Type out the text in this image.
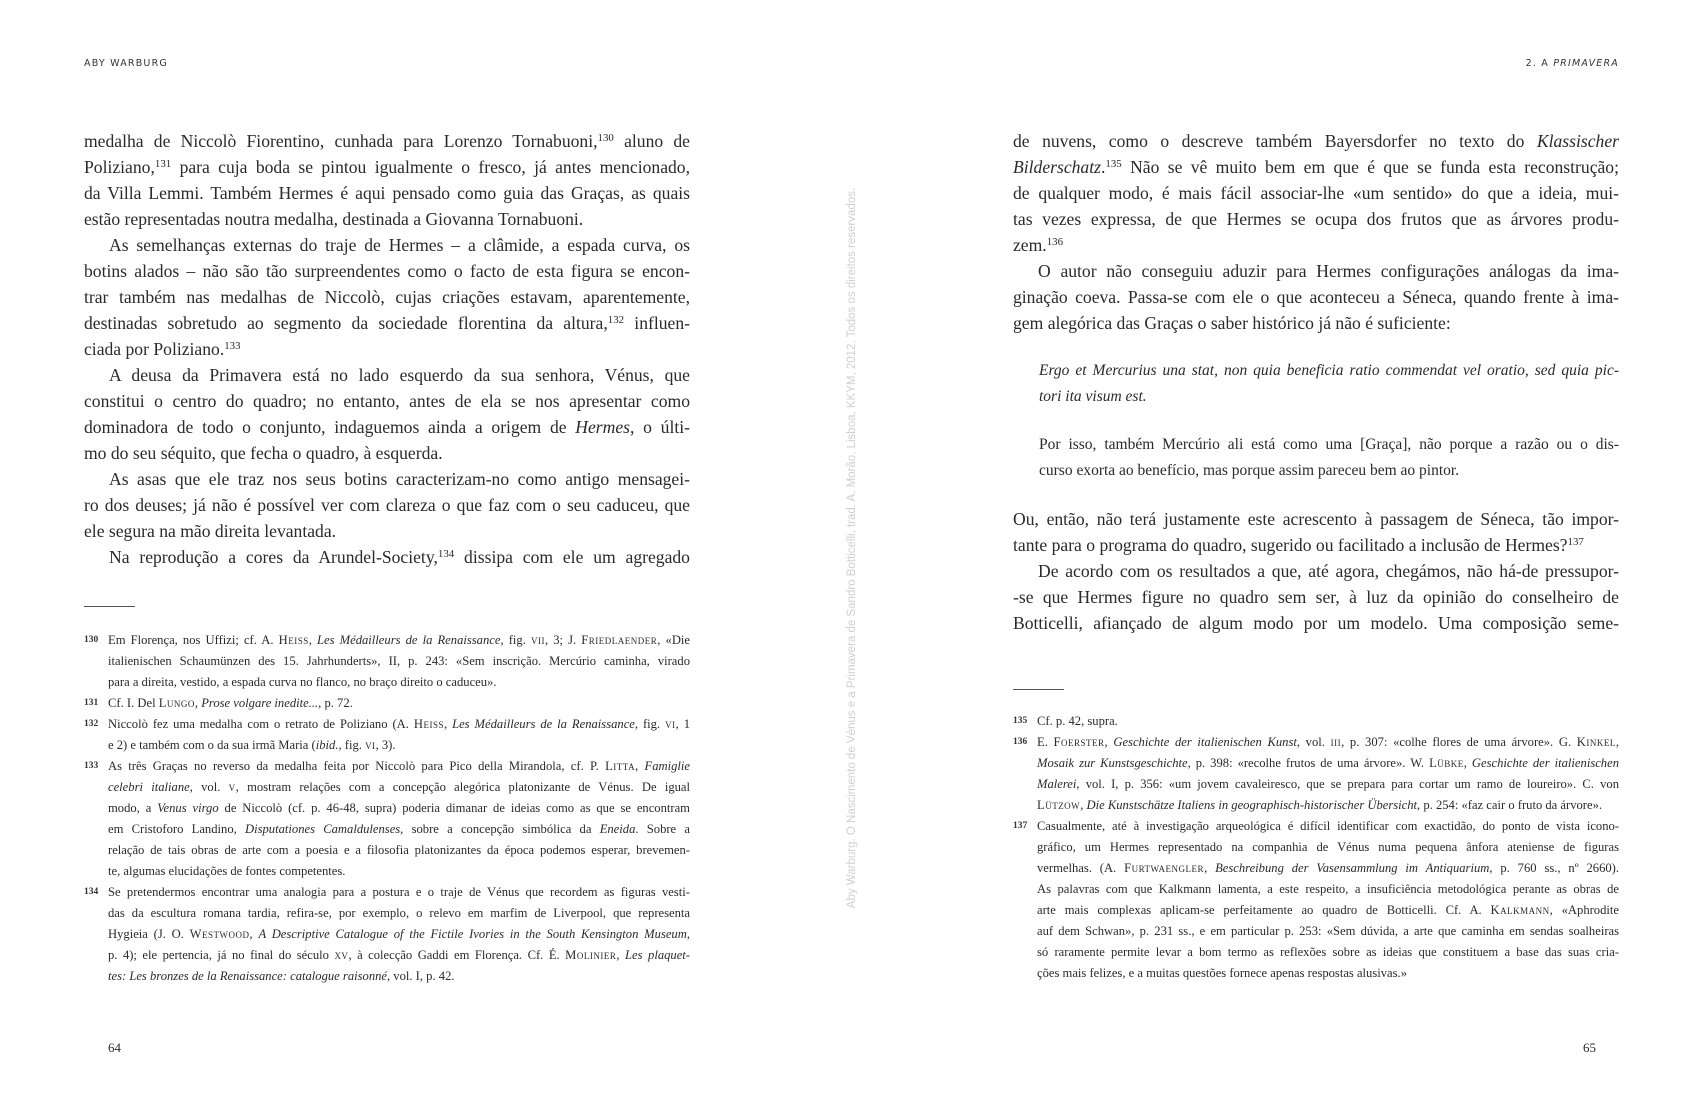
ABY WARBURG	2. A PRIMAVERA
medalha de Niccolò Fiorentino, cunhada para Lorenzo Tornabuoni,$^{130}$ aluno de
Poliziano,$^{131}$ para cuja boda se pintou igualmente o fresco, já antes mencionado,
da Villa Lemmi. Também Hermes é aqui pensado como guia das Graças, as quais
estão representadas noutra medalha, destinada a Giovanna Tornabuoni.
As semelhanças externas do traje de Hermes – a clâmide, a espada curva, os
botins alados – não são tão surpreendentes como o facto de esta figura se encon-
trar também nas medalhas de Niccolò, cujas criações estavam, aparentemente,
destinadas sobretudo ao segmento da sociedade florentina da altura,$^{132}$ influen-
ciada por Poliziano.$^{133}$
A deusa da Primavera está no lado esquerdo da sua senhora, Vénus, que
constitui o centro do quadro; no entanto, antes de ela se nos apresentar como
dominadora de todo o conjunto, indaguemos ainda a origem de Hermes, o últi-
mo do seu séquito, que fecha o quadro, à esquerda.
As asas que ele traz nos seus botins caracterizam-no como antigo mensagei-
ro dos deuses; já não é possível ver com clareza o que faz com o seu caduceu, que
ele segura na mão direita levantada.
Na reprodução a cores da Arundel-Society,$^{134}$ dissipa com ele um agregado
130 Em Florença, nos Uffizi; cf. A. Heiss, Les Médailleurs de la Renaissance, fig. vii, 3; J. Friedlaender, «Die
italienischen Schaumünzen des 15. Jahrhunderts», II, p. 243: «Sem inscrição. Mercúrio caminha, virado
para a direita, vestido, a espada curva no flanco, no braço direito o caduceu».
131 Cf. I. Del Lungo, Prose volgare inedite..., p. 72.
132 Niccolò fez uma medalha com o retrato de Poliziano (A. Heiss, Les Médailleurs de la Renaissance, fig. vi, 1
e 2) e também com o da sua irmã Maria (ibid., fig. vi, 3).
133 As três Graças no reverso da medalha feita por Niccolò para Pico della Mirandola, cf. P. Litta, Famiglie
celebri italiane, vol. v, mostram relações com a concepção alegórica platonizante de Vénus. De igual
modo, a Venus virgo de Niccolò (cf. p. 46-48, supra) poderia dimanar de ideias como as que se encontram
em Cristoforo Landino, Disputationes Camaldulenses, sobre a concepção simbólica da Eneida. Sobre a
relação de tais obras de arte com a poesia e a filosofia platonizantes da época podemos esperar, brevemen-
te, algumas elucidações de fontes competentes.
134 Se pretendermos encontrar uma analogia para a postura e o traje de Vénus que recordem as figuras vesti-
das da escultura romana tardia, refira-se, por exemplo, o relevo em marfim de Liverpool, que representa
Hygieia (J. O. Westwood, A Descriptive Catalogue of the Fictile Ivories in the South Kensington Museum,
p. 4); ele pertencia, já no final do século xv, à colecção Gaddi em Florença. Cf. É. Molinier, Les plaquet-
tes: Les bronzes de la Renaissance: catalogue raisonné, vol. I, p. 42.
64
Aby Warburg. O Nascimento de Vénus e a Primavera de Sandro Botticelli, trad. A. Morão, Lisboa, KKYM, 2012. Todos os direitos reservados.
de nuvens, como o descreve também Bayersdorfer no texto do Klassischer
Bilderschatz.$^{135}$ Não se vê muito bem em que é que se funda esta reconstrução;
de qualquer modo, é mais fácil associar-lhe «um sentido» do que a ideia, mui-
tas vezes expressa, de que Hermes se ocupa dos frutos que as árvores produ-
zem.$^{136}$
O autor não conseguiu aduzir para Hermes configurações análogas da ima-
ginação coeva. Passa-se com ele o que aconteceu a Séneca, quando frente à ima-
gem alegórica das Graças o saber histórico já não é suficiente:
Ergo et Mercurius una stat, non quia beneficia ratio commendat vel oratio, sed quia pic-
tori ita visum est.
Por isso, também Mercúrio ali está como uma [Graça], não porque a razão ou o dis-
curso exorta ao benefício, mas porque assim pareceu bem ao pintor.
Ou, então, não terá justamente este acrescento à passagem de Séneca, tão impor-
tante para o programa do quadro, sugerido ou facilitado a inclusão de Hermes?$^{137}$
De acordo com os resultados a que, até agora, chegámos, não há-de pressupor-
-se que Hermes figure no quadro sem ser, à luz da opinião do conselheiro de
Botticelli, afiançado de algum modo por um modelo. Uma composição seme-
135 Cf. p. 42, supra.
136 E. Foerster, Geschichte der italienischen Kunst, vol. iii, p. 307: «colhe flores de uma árvore». G. Kinkel,
Mosaik zur Kunstsgeschichte, p. 398: «recolhe frutos de uma árvore». W. Lübke, Geschichte der italienischen
Malerei, vol. I, p. 356: «um jovem cavaleiresco, que se prepara para cortar um ramo de loureiro». C. von
Lützow, Die Kunstschätze Italiens in geographisch-historischer Übersicht, p. 254: «faz cair o fruto da árvore».
137 Casualmente, até à investigação arqueológica é difícil identificar com exactidão, do ponto de vista icono-
gráfico, um Hermes representado na companhia de Vénus numa pequena ânfora ateniense de figuras
vermelhas. (A. Furtwaengler, Beschreibung der Vasensammlung im Antiquarium, p. 760 ss., nº 2660).
As palavras com que Kalkmann lamenta, a este respeito, a insuficiência metodológica perante as obras de
arte mais complexas aplicam-se perfeitamente ao quadro de Botticelli. Cf. A. Kalkmann, «Aphrodite
auf dem Schwan», p. 231 ss., e em particular p. 253: «Sem dúvida, a arte que caminha em sendas soalheiras
só raramente permite levar a bom termo as reflexões sobre as ideias que constituem a base das suas cria-
ções mais felizes, e a muitas questões fornece apenas respostas alusivas.»
65
